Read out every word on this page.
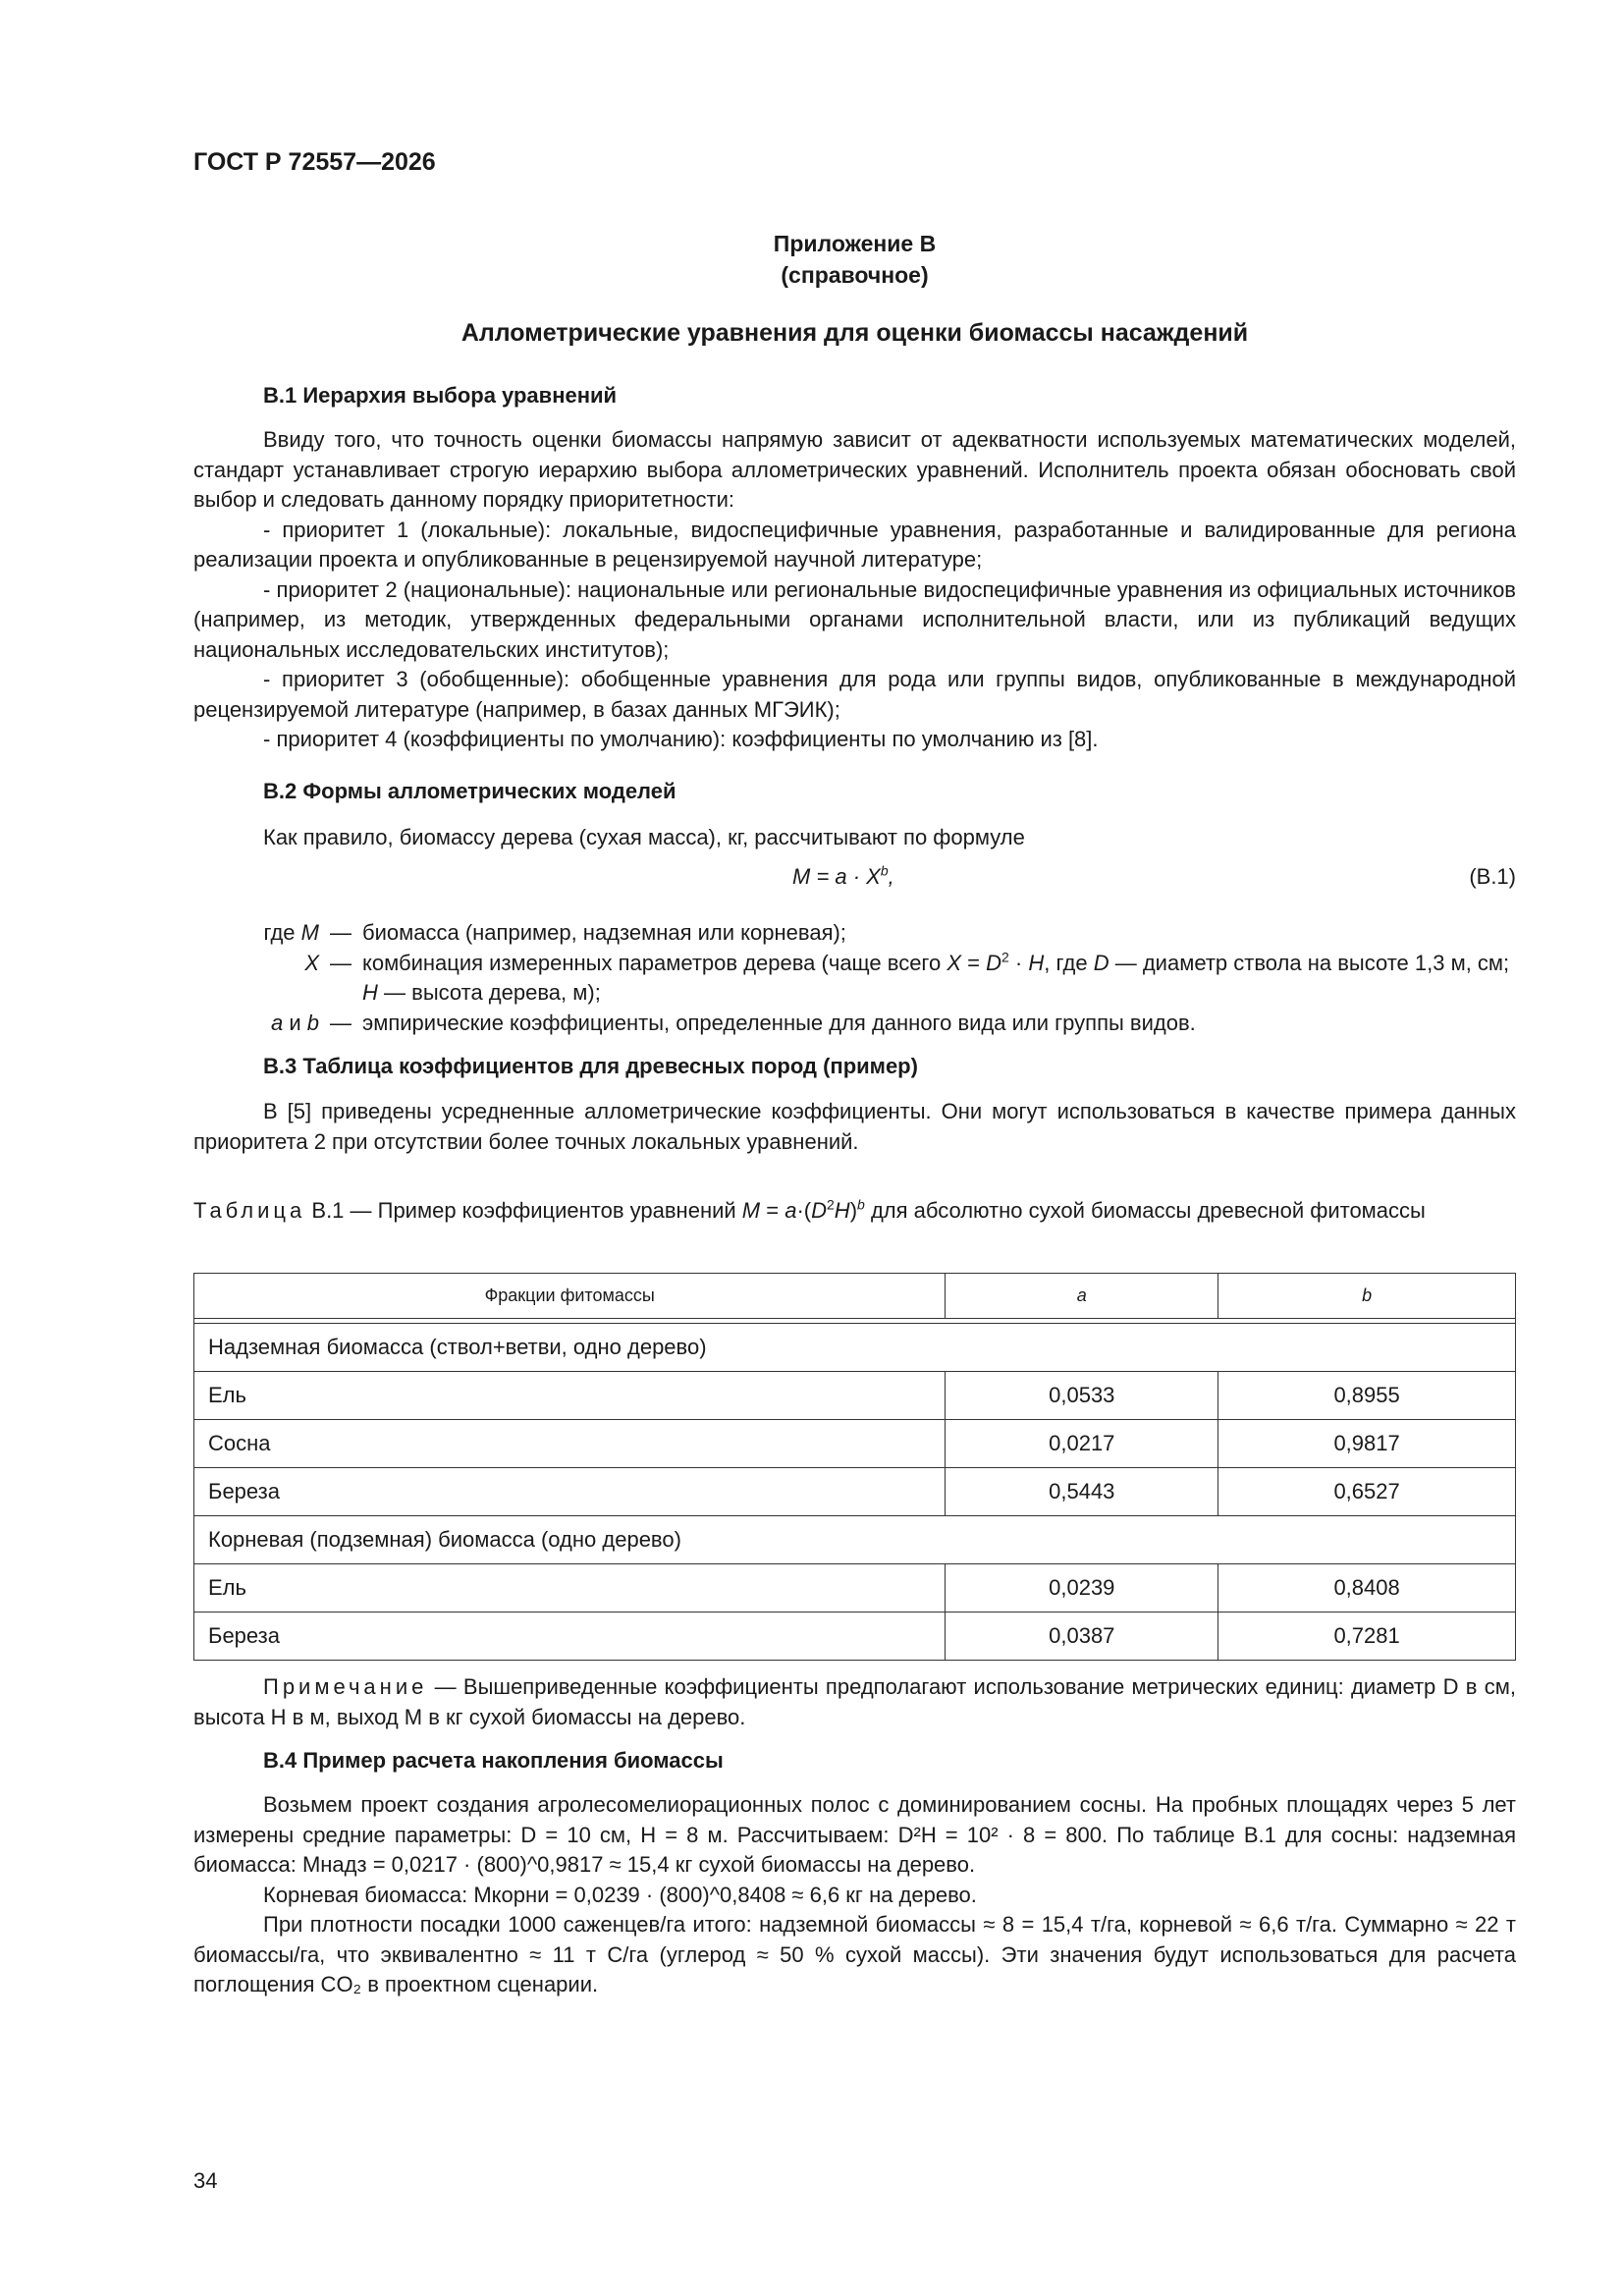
ГОСТ Р 72557—2026
Приложение В
(справочное)
Аллометрические уравнения для оценки биомассы насаждений
В.1 Иерархия выбора уравнений

Ввиду того, что точность оценки биомассы напрямую зависит от адекватности используемых математических моделей, стандарт устанавливает строгую иерархию выбора аллометрических уравнений. Исполнитель проекта обязан обосновать свой выбор и следовать данному порядку приоритетности:

- приоритет 1 (локальные): локальные, видоспецифичные уравнения, разработанные и валидированные для региона реализации проекта и опубликованные в рецензируемой научной литературе;

- приоритет 2 (национальные): национальные или региональные видоспецифичные уравнения из официальных источников (например, из методик, утвержденных федеральными органами исполнительной власти, или из публикаций ведущих национальных исследовательских институтов);

- приоритет 3 (обобщенные): обобщенные уравнения для рода или группы видов, опубликованные в международной рецензируемой литературе (например, в базах данных МГЭИК);

- приоритет 4 (коэффициенты по умолчанию): коэффициенты по умолчанию из [8].

В.2 Формы аллометрических моделей

Как правило, биомассу дерева (сухая масса), кг, рассчитывают по формуле

$M = a \cdot X^b$,	(В.1)
где M — биомасса (например, надземная или корневая);
X — комбинация измеренных параметров дерева (чаще всего $X = D^2 \cdot H$, где D — диаметр ствола на высоте 1,3 м, см; H — высота дерева, м);
a и b — эмпирические коэффициенты, определенные для данного вида или группы видов.
В.3 Таблица коэффициентов для древесных пород (пример)

В [5] приведены усредненные аллометрические коэффициенты. Они могут использоваться в качестве примера данных приоритета 2 при отсутствии более точных локальных уравнений.

Таблица В.1 — Пример коэффициентов уравнений $M = a\cdot(D^2H)^b$ для абсолютно сухой биомассы древесной фитомассы
Фракции фитомассы	a	b

Надземная биомасса (ствол+ветви, одно дерево)		
Ель	0,0533	0,8955
Сосна	0,0217	0,9817
Береза	0,5443	0,6527
Корневая (подземная) биомасса (одно дерево)		
Ель	0,0239	0,8408
Береза	0,0387	0,7281

Примечание — Вышеприведенные коэффициенты предполагают использование метрических единиц: диаметр D в см, высота H в м, выход M в кг сухой биомассы на дерево.

В.4 Пример расчета накопления биомассы

Возьмем проект создания агролесомелиорационных полос с доминированием сосны. На пробных площадях через 5 лет измерены средние параметры: D = 10 см, H = 8 м. Рассчитываем: D²H = 10² · 8 = 800. По таблице В.1 для сосны: надземная биомасса: Mнадз = 0,0217 · (800)^0,9817 ≈ 15,4 кг сухой биомассы на дерево.

Корневая биомасса: Mкорни = 0,0239 · (800)^0,8408 ≈ 6,6 кг на дерево.

При плотности посадки 1000 саженцев/га итого: надземной биомассы ≈ 8 = 15,4 т/га, корневой ≈ 6,6 т/га. Суммарно ≈ 22 т биомассы/га, что эквивалентно ≈ 11 т С/га (углерод ≈ 50 % сухой массы). Эти значения будут использоваться для расчета поглощения CO₂ в проектном сценарии.

34
